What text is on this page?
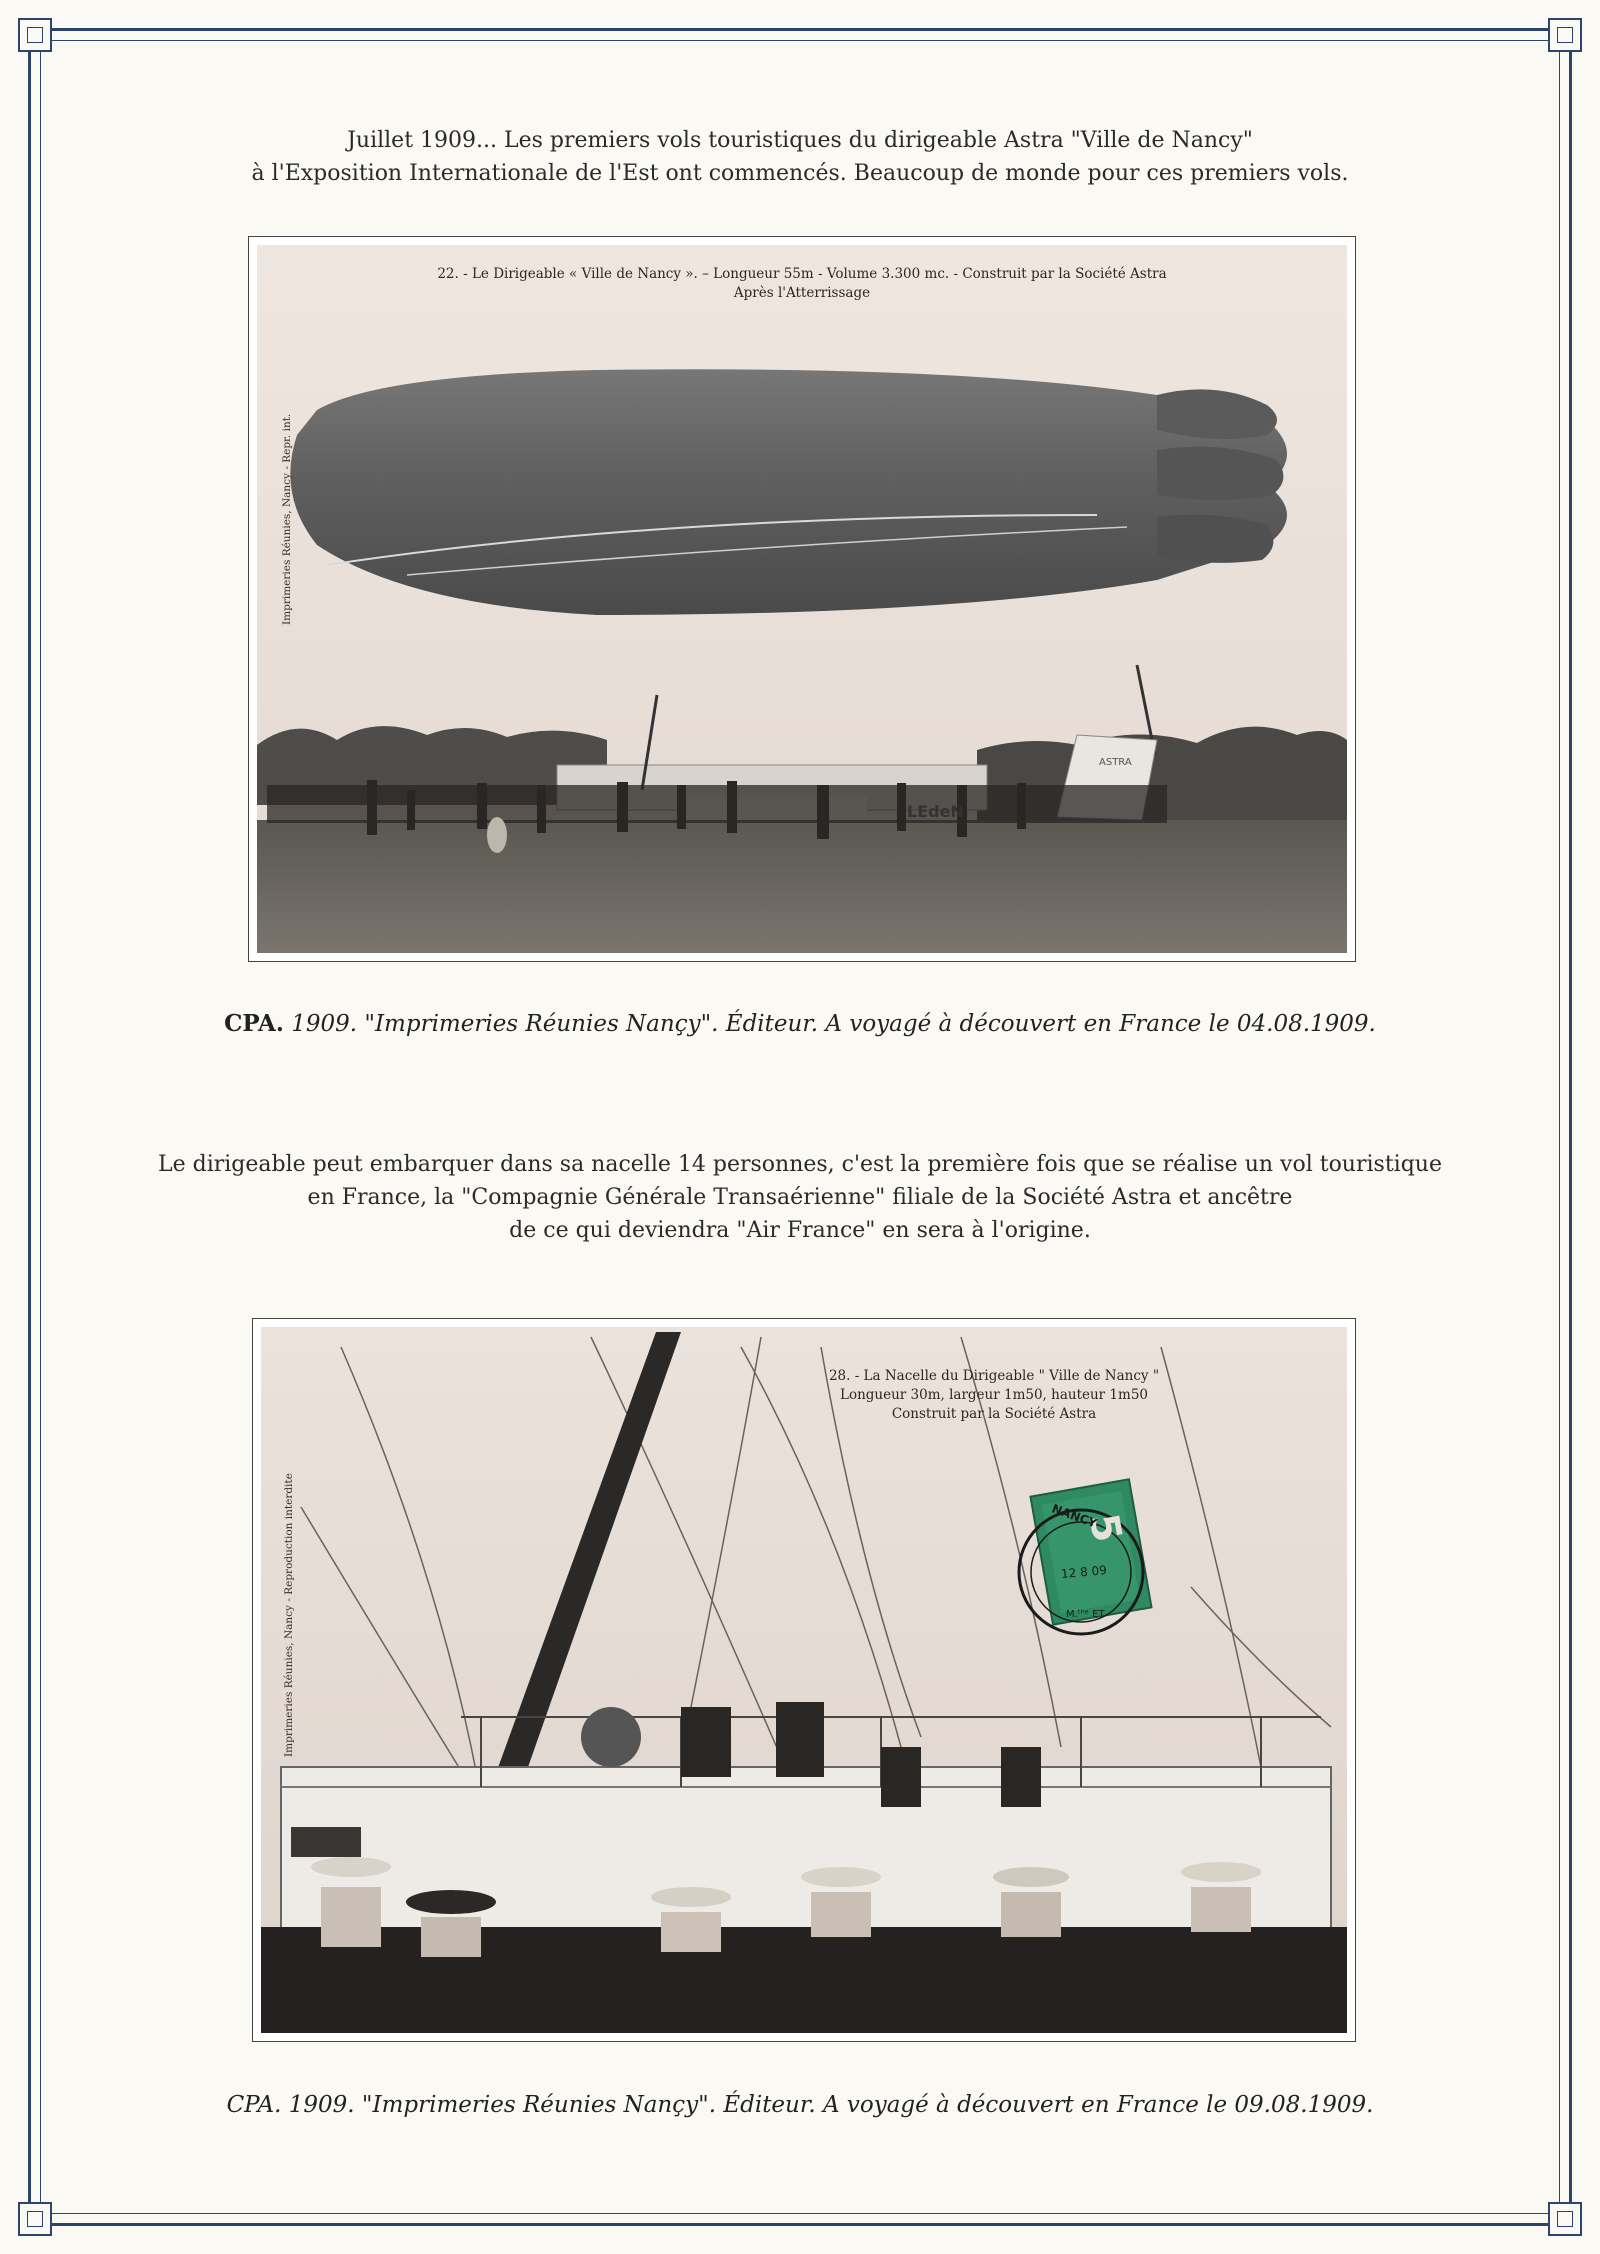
Juillet 1909... Les premiers vols touristiques du dirigeable Astra "Ville de Nancy"
à l'Exposition Internationale de l'Est ont commencés. Beaucoup de monde pour ces premiers vols.
22. - Le Dirigeable « Ville de Nancy ». – Longueur 55m - Volume 3.300 mc. - Construit par la Société Astra
Après l'Atterrissage
Imprimeries Réunies, Nancy - Repr. int.
LEdeN
ASTRA
CPA. 1909. "Imprimeries Réunies Nançy". Éditeur. A voyagé à découvert en France le 04.08.1909.
Le dirigeable peut embarquer dans sa nacelle 14 personnes, c'est la première fois que se réalise un vol touristique
en France, la "Compagnie Générale Transaérienne" filiale de la Société Astra et ancêtre
de ce qui deviendra "Air France" en sera à l'origine.
28. - La Nacelle du Dirigeable " Ville de Nancy "
Longueur 30m, largeur 1m50, hauteur 1m50
Construit par la Société Astra
Imprimeries Réunies, Nancy - Reproduction interdite	5
NANCY
12 8 09
M.ᵗʰᵉ ET
CPA. 1909. "Imprimeries Réunies Nançy". Éditeur. A voyagé à découvert en France le 09.08.1909.
